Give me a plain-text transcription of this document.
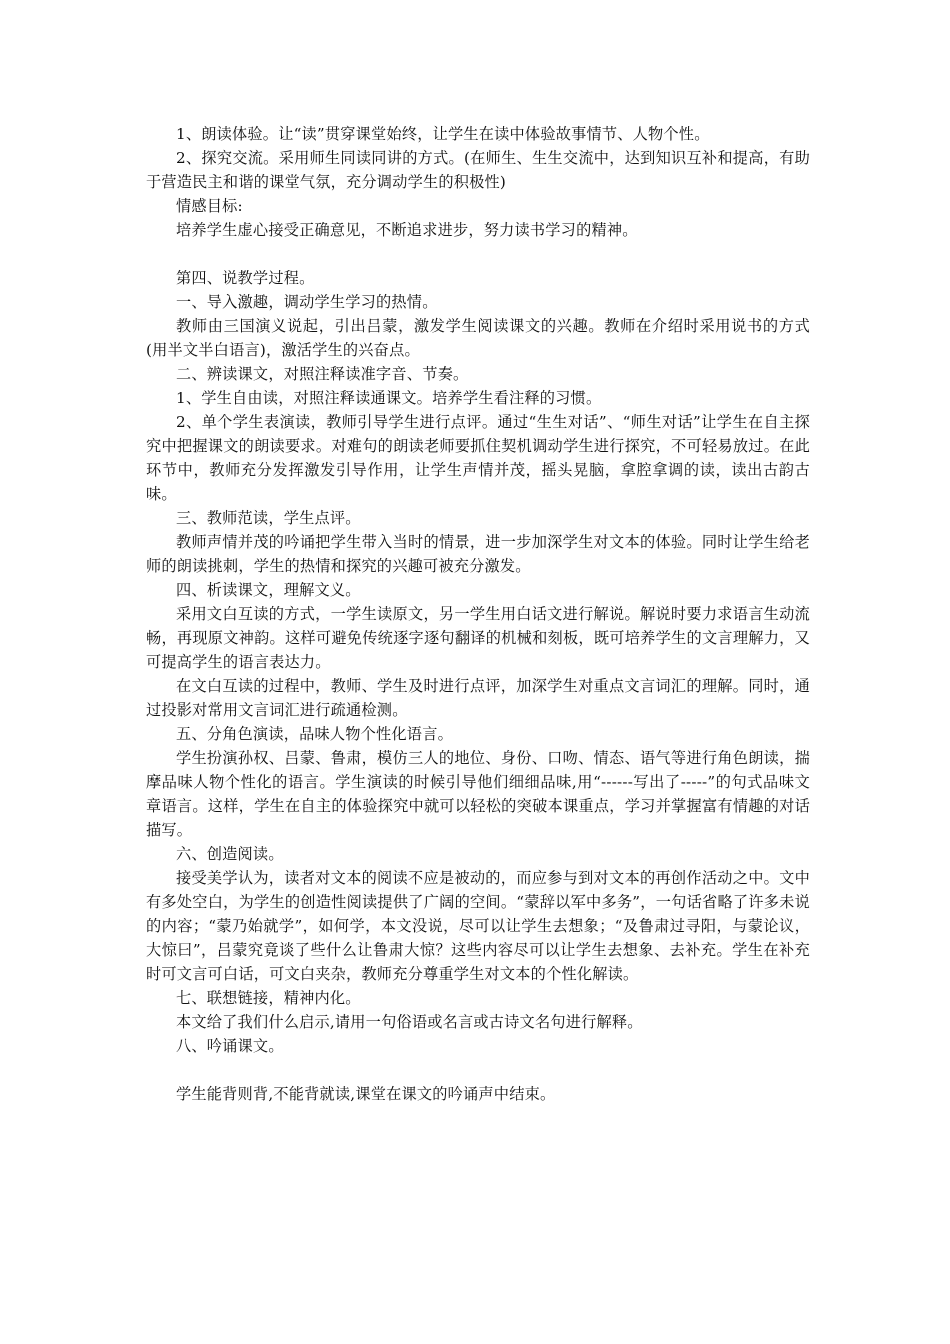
1、朗读体验。让“读”贯穿课堂始终，让学生在读中体验故事情节、人物个性。

2、探究交流。采用师生同读同讲的方式。(在师生、生生交流中，达到知识互补和提高，有助于营造民主和谐的课堂气氛，充分调动学生的积极性)

情感目标:

培养学生虚心接受正确意见，不断追求进步，努力读书学习的精神。

第四、说教学过程。

一、导入激趣，调动学生学习的热情。

教师由三国演义说起，引出吕蒙，激发学生阅读课文的兴趣。教师在介绍时采用说书的方式(用半文半白语言)，激活学生的兴奋点。

二、辨读课文，对照注释读准字音、节奏。

1、学生自由读，对照注释读通课文。培养学生看注释的习惯。

2、单个学生表演读，教师引导学生进行点评。通过“生生对话”、“师生对话”让学生在自主探究中把握课文的朗读要求。对难句的朗读老师要抓住契机调动学生进行探究，不可轻易放过。在此环节中，教师充分发挥激发引导作用，让学生声情并茂，摇头晃脑，拿腔拿调的读，读出古韵古味。

三、教师范读，学生点评。

教师声情并茂的吟诵把学生带入当时的情景，进一步加深学生对文本的体验。同时让学生给老师的朗读挑刺，学生的热情和探究的兴趣可被充分激发。

四、析读课文，理解文义。

采用文白互读的方式，一学生读原文，另一学生用白话文进行解说。解说时要力求语言生动流畅，再现原文神韵。这样可避免传统逐字逐句翻译的机械和刻板，既可培养学生的文言理解力，又可提高学生的语言表达力。

在文白互读的过程中，教师、学生及时进行点评，加深学生对重点文言词汇的理解。同时，通过投影对常用文言词汇进行疏通检测。

五、分角色演读，品味人物个性化语言。

学生扮演孙权、吕蒙、鲁肃，模仿三人的地位、身份、口吻、情态、语气等进行角色朗读，揣摩品味人物个性化的语言。学生演读的时候引导他们细细品味,用“------写出了-----”的句式品味文章语言。这样，学生在自主的体验探究中就可以轻松的突破本课重点，学习并掌握富有情趣的对话描写。

六、创造阅读。

接受美学认为，读者对文本的阅读不应是被动的，而应参与到对文本的再创作活动之中。文中有多处空白，为学生的创造性阅读提供了广阔的空间。“蒙辞以军中多务”，一句话省略了许多未说的内容；“蒙乃始就学”，如何学，本文没说，尽可以让学生去想象；“及鲁肃过寻阳，与蒙论议，大惊曰”，吕蒙究竟谈了些什么让鲁肃大惊？这些内容尽可以让学生去想象、去补充。学生在补充时可文言可白话，可文白夹杂，教师充分尊重学生对文本的个性化解读。

七、联想链接，精神内化。

本文给了我们什么启示,请用一句俗语或名言或古诗文名句进行解释。

八、吟诵课文。

学生能背则背,不能背就读,课堂在课文的吟诵声中结束。
